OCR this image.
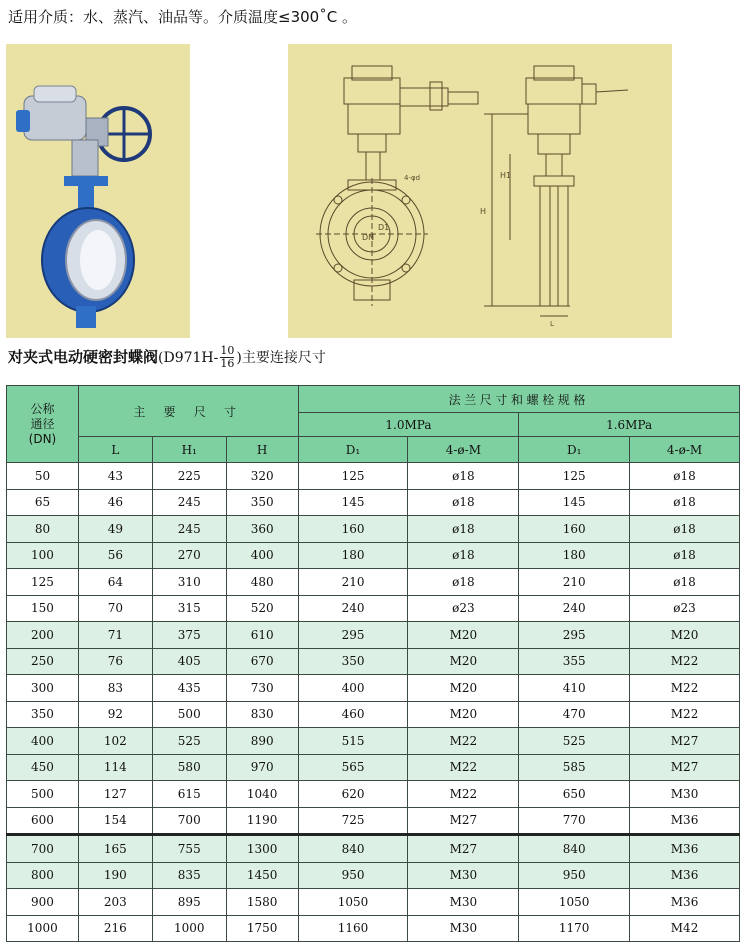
适用介质：水、蒸汽、油品等。介质温度≤300˚C 。
DN
D1
4-φd
H
H1
L
对夹式电动硬密封蝶阀($D971H- \frac{10}{16}$ )主要连接尺寸
公称
通径
(DN)	主 要 尺 寸			法兰尺寸和螺栓规格			
				1.0MPa		1.6MPa	
	L	H₁	H	D₁	4-ø-M	D₁	4-ø-M
50	43	225	320	125	ø18	125	ø18
65	46	245	350	145	ø18	145	ø18
80	49	245	360	160	ø18	160	ø18
100	56	270	400	180	ø18	180	ø18
125	64	310	480	210	ø18	210	ø18
150	70	315	520	240	ø23	240	ø23
200	71	375	610	295	M20	295	M20
250	76	405	670	350	M20	355	M22
300	83	435	730	400	M20	410	M22
350	92	500	830	460	M20	470	M22
400	102	525	890	515	M22	525	M27
450	114	580	970	565	M22	585	M27
500	127	615	1040	620	M22	650	M30
600	154	700	1190	725	M27	770	M36
700	165	755	1300	840	M27	840	M36
800	190	835	1450	950	M30	950	M36
900	203	895	1580	1050	M30	1050	M36
1000	216	1000	1750	1160	M30	1170	M42
